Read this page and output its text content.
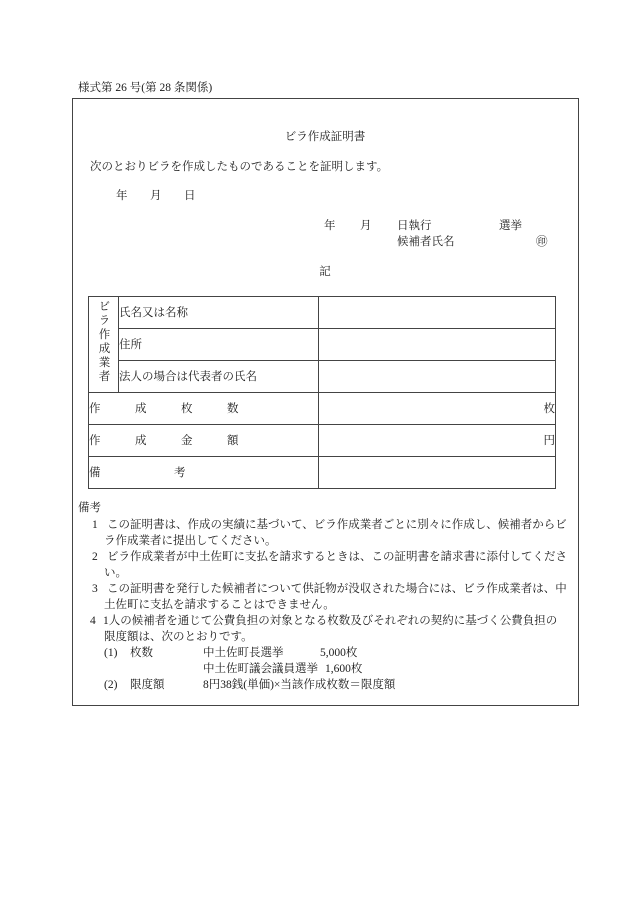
様式第 26 号(第 28 条関係)
ビラ作成証明書
次のとおりビラを作成したものであることを証明します。
年 月 日
年 月 日執行	選挙
候補者氏名	㊞
記
ビラ作成業者	氏名又は名称	
	住所	
	法人の場合は代表者の氏名	
作成枚数		枚
作成金額		円
備考		
備考
1 この証明書は、作成の実績に基づいて、ビラ作成業者ごとに別々に作成し、候補者からビ
ラ作成業者に提出してください。
2 ビラ作成業者が中土佐町に支払を請求するときは、この証明書を請求書に添付してくださ
い。
3 この証明書を発行した候補者について供託物が没収された場合には、ビラ作成業者は、中
土佐町に支払を請求することはできません。
4 1人の候補者を通じて公費負担の対象となる枚数及びそれぞれの契約に基づく公費負担の
限度額は、次のとおりです。
(1) 枚数	中土佐町長選挙	5,000枚
中土佐町議会議員選挙 1,600枚
(2) 限度額	8円38銭(単価)×当該作成枚数＝限度額
